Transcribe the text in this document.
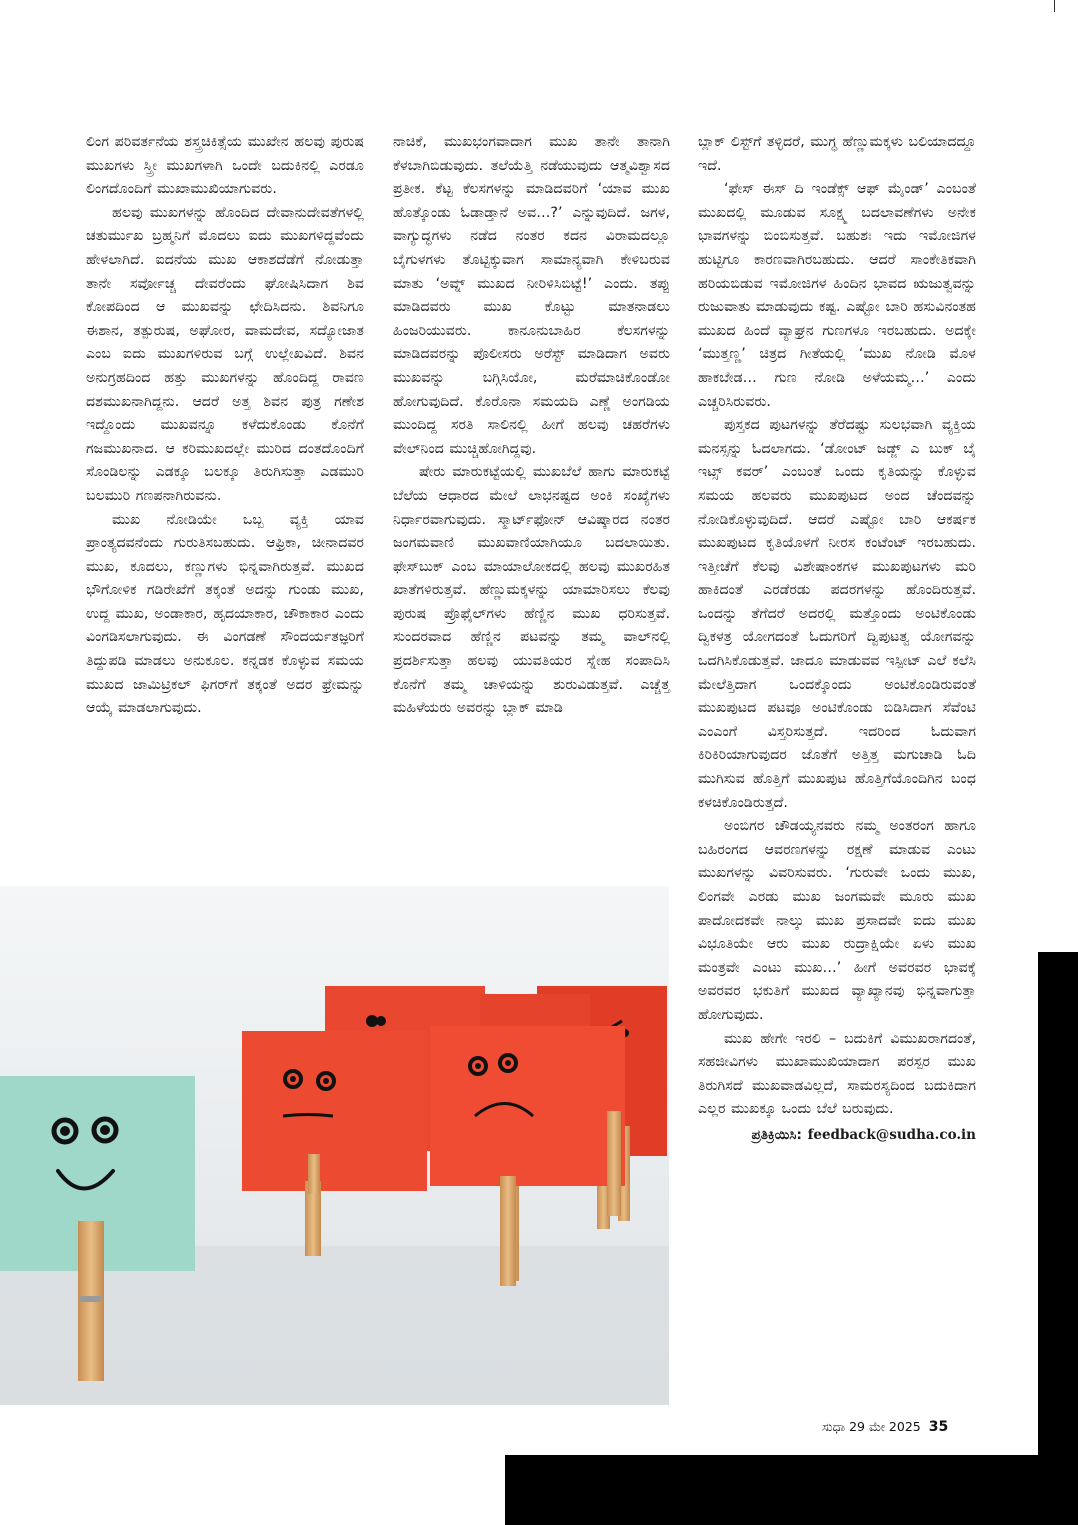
ಲಿಂಗ ಪರಿವರ್ತನೆಯ ಶಸ್ತ್ರಚಿಕಿತ್ಸೆಯ ಮುಖೇನ ಹಲವು ಪುರುಷ ಮುಖಗಳು ಸ್ತ್ರೀ ಮುಖಗಳಾಗಿ ಒಂದೇ ಬದುಕಿನಲ್ಲಿ ಎರಡೂ ಲಿಂಗದೊಂದಿಗೆ ಮುಖಾಮುಖಿಯಾಗುವರು.

ಹಲವು ಮುಖಗಳನ್ನು ಹೊಂದಿದ ದೇವಾನುದೇವತೆಗಳಲ್ಲಿ ಚತುರ್ಮುಖ ಬ್ರಹ್ಮನಿಗೆ ಮೊದಲು ಐದು ಮುಖಗಳಿದ್ದವೆಂದು ಹೇಳಲಾಗಿದೆ. ಐದನೆಯ ಮುಖ ಆಕಾಶದೆಡೆಗೆ ನೋಡುತ್ತಾ ತಾನೇ ಸರ್ವೋಚ್ಚ ದೇವರೆಂದು ಘೋಷಿಸಿದಾಗ ಶಿವ ಕೋಪದಿಂದ ಆ ಮುಖವನ್ನು ಛೇದಿಸಿದನು. ಶಿವನಿಗೂ ಈಶಾನ, ತತ್ಪುರುಷ, ಅಘೋರ, ವಾಮದೇವ, ಸದ್ಯೋಜಾತ ಎಂಬ ಐದು ಮುಖಗಳಿರುವ ಬಗ್ಗೆ ಉಲ್ಲೇಖವಿದೆ. ಶಿವನ ಅನುಗ್ರಹದಿಂದ ಹತ್ತು ಮುಖಗಳನ್ನು ಹೊಂದಿದ್ದ ರಾವಣ ದಶಮುಖನಾಗಿದ್ದನು. ಆದರೆ ಅತ್ತ ಶಿವನ ಪುತ್ರ ಗಣೇಶ ಇದ್ದೊಂದು ಮುಖವನ್ನೂ ಕಳೆದುಕೊಂಡು ಕೊನೆಗೆ ಗಜಮುಖನಾದ. ಆ ಕರಿಮುಖದಲ್ಲೇ ಮುರಿದ ದಂತದೊಂದಿಗೆ ಸೊಂಡಿಲನ್ನು ಎಡಕ್ಕೂ ಬಲಕ್ಕೂ ತಿರುಗಿಸುತ್ತಾ ಎಡಮುರಿ ಬಲಮುರಿ ಗಣಪನಾಗಿರುವನು.

ಮುಖ ನೋಡಿಯೇ ಒಬ್ಬ ವ್ಯಕ್ತಿ ಯಾವ ಪ್ರಾಂತ್ಯದವನೆಂದು ಗುರುತಿಸಬಹುದು. ಆಫ್ರಿಕಾ, ಚೀನಾದವರ ಮುಖ, ಕೂದಲು, ಕಣ್ಣುಗಳು ಭಿನ್ನವಾಗಿರುತ್ತವೆ. ಮುಖದ ಭೌಗೋಳಿಕ ಗಡಿರೇಖೆಗೆ ತಕ್ಕಂತೆ ಅದನ್ನು ಗುಂಡು ಮುಖ, ಉದ್ದ ಮುಖ, ಅಂಡಾಕಾರ, ಹೃದಯಾಕಾರ, ಚೌಕಾಕಾರ ಎಂದು ವಿಂಗಡಿಸಲಾಗುವುದು. ಈ ವಿಂಗಡಣೆ ಸೌಂದರ್ಯತಜ್ಞರಿಗೆ ತಿದ್ದುಪಡಿ ಮಾಡಲು ಅನುಕೂಲ. ಕನ್ನಡಕ ಕೊಳ್ಳುವ ಸಮಯ ಮುಖದ ಜಾಮಿಟ್ರಿಕಲ್ ಫಿಗರ್‌ಗೆ ತಕ್ಕಂತೆ ಅದರ ಫ್ರೇಮನ್ನು ಆಯ್ಕೆ ಮಾಡಲಾಗುವುದು.

ನಾಚಿಕೆ, ಮುಖಭಂಗವಾದಾಗ ಮುಖ ತಾನೇ ತಾನಾಗಿ ಕೆಳಬಾಗಿಬಿಡುವುದು. ತಲೆಯೆತ್ತಿ ನಡೆಯುವುದು ಆತ್ಮವಿಶ್ವಾಸದ ಪ್ರತೀಕ. ಕೆಟ್ಟ ಕೆಲಸಗಳನ್ನು ಮಾಡಿದವರಿಗೆ ‘ಯಾವ ಮುಖ ಹೊತ್ಕೊಂಡು ಓಡಾಡ್ತಾನೆ ಅವ…?’ ಎನ್ನುವುದಿದೆ. ಜಗಳ, ವಾಗ್ಯುದ್ಧಗಳು ನಡೆದ ನಂತರ ಕದನ ವಿರಾಮದಲ್ಲೂ ಬೈಗುಳಗಳು ತೊಟ್ಟಿಕ್ಕುವಾಗ ಸಾಮಾನ್ಯವಾಗಿ ಕೇಳಿಬರುವ ಮಾತು ‘ಅವ್ನ್ ಮುಖದ ನೀರಿಳಿಸಿಬಿಟ್ಟೆ!’ ಎಂದು. ತಪ್ಪು ಮಾಡಿದವರು ಮುಖ ಕೊಟ್ಟು ಮಾತನಾಡಲು ಹಿಂಜರಿಯುವರು. ಕಾನೂನುಬಾಹಿರ ಕೆಲಸಗಳನ್ನು ಮಾಡಿದವರನ್ನು ಪೊಲೀಸರು ಅರೆಸ್ಟ್ ಮಾಡಿದಾಗ ಅವರು ಮುಖವನ್ನು ಬಗ್ಗಿಸಿಯೋ, ಮರೆಮಾಚಿಕೊಂಡೋ ಹೋಗುವುದಿದೆ. ಕೊರೊನಾ ಸಮಯದಿ ಎಣ್ಣೆ ಅಂಗಡಿಯ ಮುಂದಿದ್ದ ಸರತಿ ಸಾಲಿನಲ್ಲಿ ಹೀಗೆ ಹಲವು ಚಹರೆಗಳು ವೇಲ್‌ನಿಂದ ಮುಚ್ಚಿಹೋಗಿದ್ದವು.

ಷೇರು ಮಾರುಕಟ್ಟೆಯಲ್ಲಿ ಮುಖಬೆಲೆ ಹಾಗು ಮಾರುಕಟ್ಟೆ ಬೆಲೆಯ ಆಧಾರದ ಮೇಲೆ ಲಾಭನಷ್ಟದ ಅಂಕಿ ಸಂಖ್ಯೆಗಳು ನಿರ್ಧಾರವಾಗುವುದು. ಸ್ಮಾರ್ಟ್‌ಫೋನ್ ಆವಿಷ್ಕಾರದ ನಂತರ ಜಂಗಮವಾಣಿ ಮುಖವಾಣಿಯಾಗಿಯೂ ಬದಲಾಯಿತು. ಫೇಸ್‌ಬುಕ್ ಎಂಬ ಮಾಯಾಲೋಕದಲ್ಲಿ ಹಲವು ಮುಖರಹಿತ ಖಾತೆಗಳಿರುತ್ತವೆ. ಹೆಣ್ಣುಮಕ್ಕಳನ್ನು ಯಾಮಾರಿಸಲು ಕೆಲವು ಪುರುಷ ಪ್ರೊಫೈಲ್‌ಗಳು ಹೆಣ್ಣಿನ ಮುಖ ಧರಿಸುತ್ತವೆ. ಸುಂದರವಾದ ಹೆಣ್ಣಿನ ಪಟವನ್ನು ತಮ್ಮ ವಾಲ್‌ನಲ್ಲಿ ಪ್ರದರ್ಶಿಸುತ್ತಾ ಹಲವು ಯುವತಿಯರ ಸ್ನೇಹ ಸಂಪಾದಿಸಿ ಕೊನೆಗೆ ತಮ್ಮ ಚಾಳಿಯನ್ನು ಶುರುವಿಡುತ್ತವೆ. ಎಚ್ಚೆತ್ತ ಮಹಿಳೆಯರು ಅವರನ್ನು ಬ್ಲಾಕ್ ಮಾಡಿ

ಬ್ಲಾಕ್ ಲಿಸ್ಟ್‌ಗೆ ತಳ್ಳಿದರೆ, ಮುಗ್ಧ ಹೆಣ್ಣುಮಕ್ಕಳು ಬಲಿಯಾದದ್ದೂ ಇದೆ.

‘ಫೇಸ್ ಈಸ್ ದಿ ಇಂಡೆಕ್ಸ್ ಆಫ್ ಮೈಂಡ್’ ಎಂಬಂತೆ ಮುಖದಲ್ಲಿ ಮೂಡುವ ಸೂಕ್ಷ್ಮ ಬದಲಾವಣೆಗಳು ಅನೇಕ ಭಾವಗಳನ್ನು ಬಿಂಬಿಸುತ್ತವೆ. ಬಹುಶಃ ಇದು ಇಮೋಜಿಗಳ ಹುಟ್ಟಿಗೂ ಕಾರಣವಾಗಿರಬಹುದು. ಆದರೆ ಸಾಂಕೇತಿಕವಾಗಿ ಹರಿಯಬಿಡುವ ಇಮೋಜಿಗಳ ಹಿಂದಿನ ಭಾವದ ಋಜುತ್ವವನ್ನು ರುಜುವಾತು ಮಾಡುವುದು ಕಷ್ಟ. ಎಷ್ಟೋ ಬಾರಿ ಹಸುವಿನಂತಹ ಮುಖದ ಹಿಂದೆ ವ್ಯಾಘ್ರನ ಗುಣಗಳೂ ಇರಬಹುದು. ಅದಕ್ಕೇ ‘ಮುತ್ತಣ್ಣ’ ಚಿತ್ರದ ಗೀತೆಯಲ್ಲಿ ‘ಮುಖ ನೋಡಿ ಮೊಳ ಹಾಕಬೇಡ… ಗುಣ ನೋಡಿ ಅಳೆಯಮ್ಮ…’ ಎಂದು ಎಚ್ಚರಿಸಿರುವರು.

ಪುಸ್ತಕದ ಪುಟಗಳನ್ನು ತೆರೆದಷ್ಟು ಸುಲಭವಾಗಿ ವ್ಯಕ್ತಿಯ ಮನಸ್ಸನ್ನು ಓದಲಾಗದು. ‘ಡೋಂಟ್ ಜಡ್ಜ್ ಎ ಬುಕ್ ಬೈ ಇಟ್ಸ್ ಕವರ್’ ಎಂಬಂತೆ ಒಂದು ಕೃತಿಯನ್ನು ಕೊಳ್ಳುವ ಸಮಯ ಹಲವರು ಮುಖಪುಟದ ಅಂದ ಚೆಂದವನ್ನು ನೋಡಿಕೊಳ್ಳುವುದಿದೆ. ಆದರೆ ಎಷ್ಟೋ ಬಾರಿ ಆಕರ್ಷಕ ಮುಖಪುಟದ ಕೃತಿಯೊಳಗೆ ನೀರಸ ಕಂಟೆಂಟ್ ಇರಬಹುದು. ಇತ್ತೀಚೆಗೆ ಕೆಲವು ವಿಶೇಷಾಂಕಗಳ ಮುಖಪುಟಗಳು ಮರಿ ಹಾಕಿದಂತೆ ಎರಡೆರಡು ಪದರಗಳನ್ನು ಹೊಂದಿರುತ್ತವೆ. ಒಂದನ್ನು ತೆಗೆದರೆ ಅದರಲ್ಲಿ ಮತ್ತೊಂದು ಅಂಟಿಕೊಂಡು ದ್ವಿಕಳತ್ರ ಯೋಗದಂತೆ ಓದುಗರಿಗೆ ದ್ವಿಪುಟತ್ವ ಯೋಗವನ್ನು ಒದಗಿಸಿಕೊಡುತ್ತವೆ. ಜಾದೂ ಮಾಡುವವ ಇಸ್ಪೀಟ್ ಎಲೆ ಕಲೆಸಿ ಮೇಲೆತ್ತಿದಾಗ ಒಂದಕ್ಕೊಂದು ಅಂಟಿಕೊಂಡಿರುವಂತೆ ಮುಖಪುಟದ ಪಟವೂ ಅಂಟಿಕೊಂಡು ಬಿಡಿಸಿದಾಗ ಸೆವೆಂಟಿ ಎಂಎಂಗೆ ವಿಸ್ತರಿಸುತ್ತದೆ. ಇದರಿಂದ ಓದುವಾಗ ಕಿರಿಕಿರಿಯಾಗುವುದರ ಜೊತೆಗೆ ಅತ್ತಿತ್ತ ಮಗುಚಾಡಿ ಓದಿ ಮುಗಿಸುವ ಹೊತ್ತಿಗೆ ಮುಖಪುಟ ಹೊತ್ತಿಗೆಯೊಂದಿಗಿನ ಬಂಧ ಕಳಚಿಕೊಂಡಿರುತ್ತದೆ.

ಅಂಬಿಗರ ಚೌಡಯ್ಯನವರು ನಮ್ಮ ಅಂತರಂಗ ಹಾಗೂ ಬಹಿರಂಗದ ಆವರಣಗಳನ್ನು ರಕ್ಷಣೆ ಮಾಡುವ ಎಂಟು ಮುಖಗಳನ್ನು ವಿವರಿಸುವರು. ‘ಗುರುವೇ ಒಂದು ಮುಖ, ಲಿಂಗವೇ ಎರಡು ಮುಖ ಜಂಗಮವೇ ಮೂರು ಮುಖ ಪಾದೋದಕವೇ ನಾಲ್ಕು ಮುಖ ಪ್ರಸಾದವೇ ಐದು ಮುಖ ವಿಭೂತಿಯೇ ಆರು ಮುಖ ರುದ್ರಾಕ್ಷಿಯೇ ಏಳು ಮುಖ ಮಂತ್ರವೇ ಎಂಟು ಮುಖ…’ ಹೀಗೆ ಅವರವರ ಭಾವಕ್ಕೆ ಅವರವರ ಭಕುತಿಗೆ ಮುಖದ ವ್ಯಾಖ್ಯಾನವು ಭಿನ್ನವಾಗುತ್ತಾ ಹೋಗುವುದು.

ಮುಖ ಹೇಗೇ ಇರಲಿ – ಬದುಕಿಗೆ ವಿಮುಖರಾಗದಂತೆ, ಸಹಜೀವಿಗಳು ಮುಖಾಮುಖಿಯಾದಾಗ ಪರಸ್ಪರ ಮುಖ ತಿರುಗಿಸದೆ ಮುಖವಾಡವಿಲ್ಲದೆ, ಸಾಮರಸ್ಯದಿಂದ ಬದುಕಿದಾಗ ಎಲ್ಲರ ಮುಖಕ್ಕೂ ಒಂದು ಬೆಲೆ ಬರುವುದು.

ಪ್ರತಿಕ್ರಿಯಿಸಿ: feedback@sudha.co.in
ಸುಧಾ 29 ಮೇ 2025 35
